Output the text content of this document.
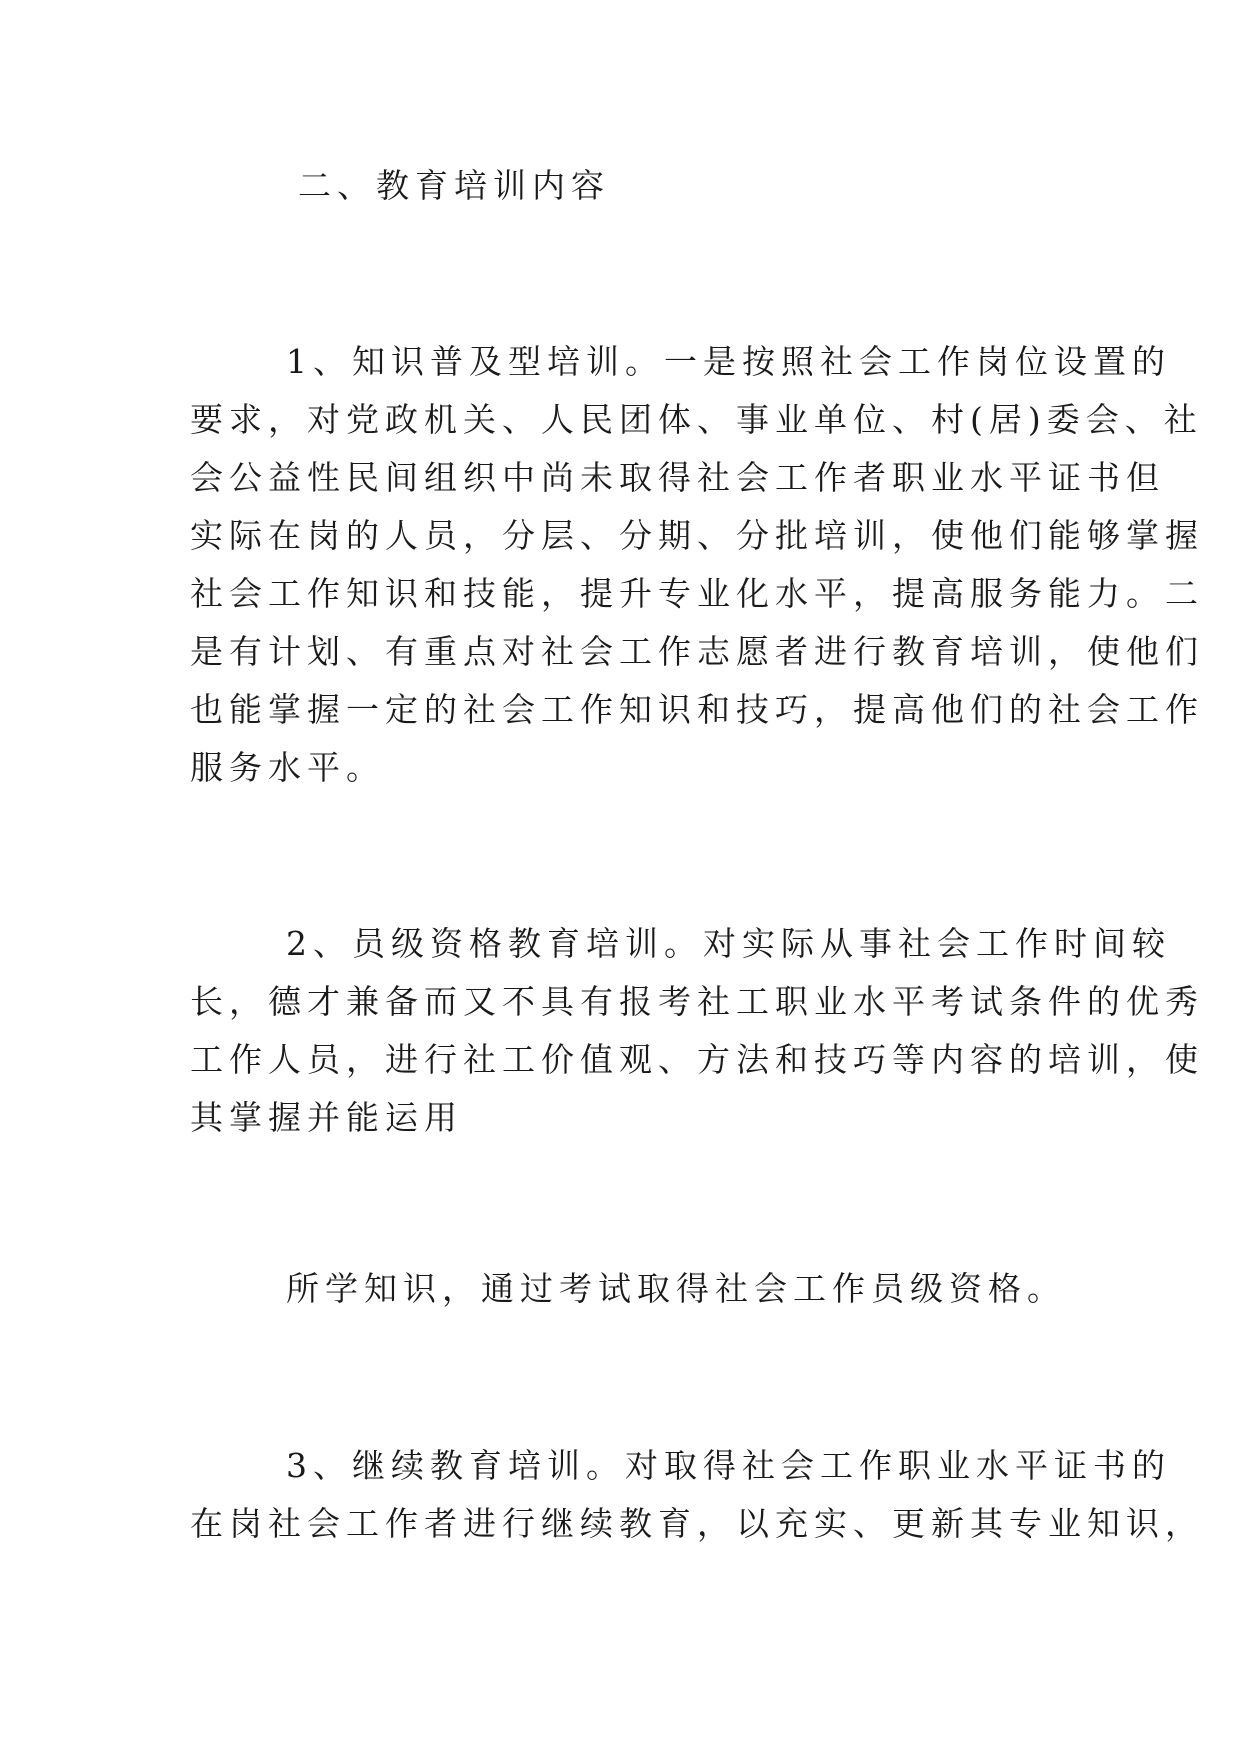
二、教育培训内容

1、知识普及型培训。一是按照社会工作岗位设置的
要求，对党政机关、人民团体、事业单位、村(居)委会、社
会公益性民间组织中尚未取得社会工作者职业水平证书但
实际在岗的人员，分层、分期、分批培训，使他们能够掌握
社会工作知识和技能，提升专业化水平，提高服务能力。二
是有计划、有重点对社会工作志愿者进行教育培训，使他们
也能掌握一定的社会工作知识和技巧，提高他们的社会工作
服务水平。

2、员级资格教育培训。对实际从事社会工作时间较
长，德才兼备而又不具有报考社工职业水平考试条件的优秀
工作人员，进行社工价值观、方法和技巧等内容的培训，使
其掌握并能运用

所学知识，通过考试取得社会工作员级资格。

3、继续教育培训。对取得社会工作职业水平证书的
在岗社会工作者进行继续教育，以充实、更新其专业知识，
